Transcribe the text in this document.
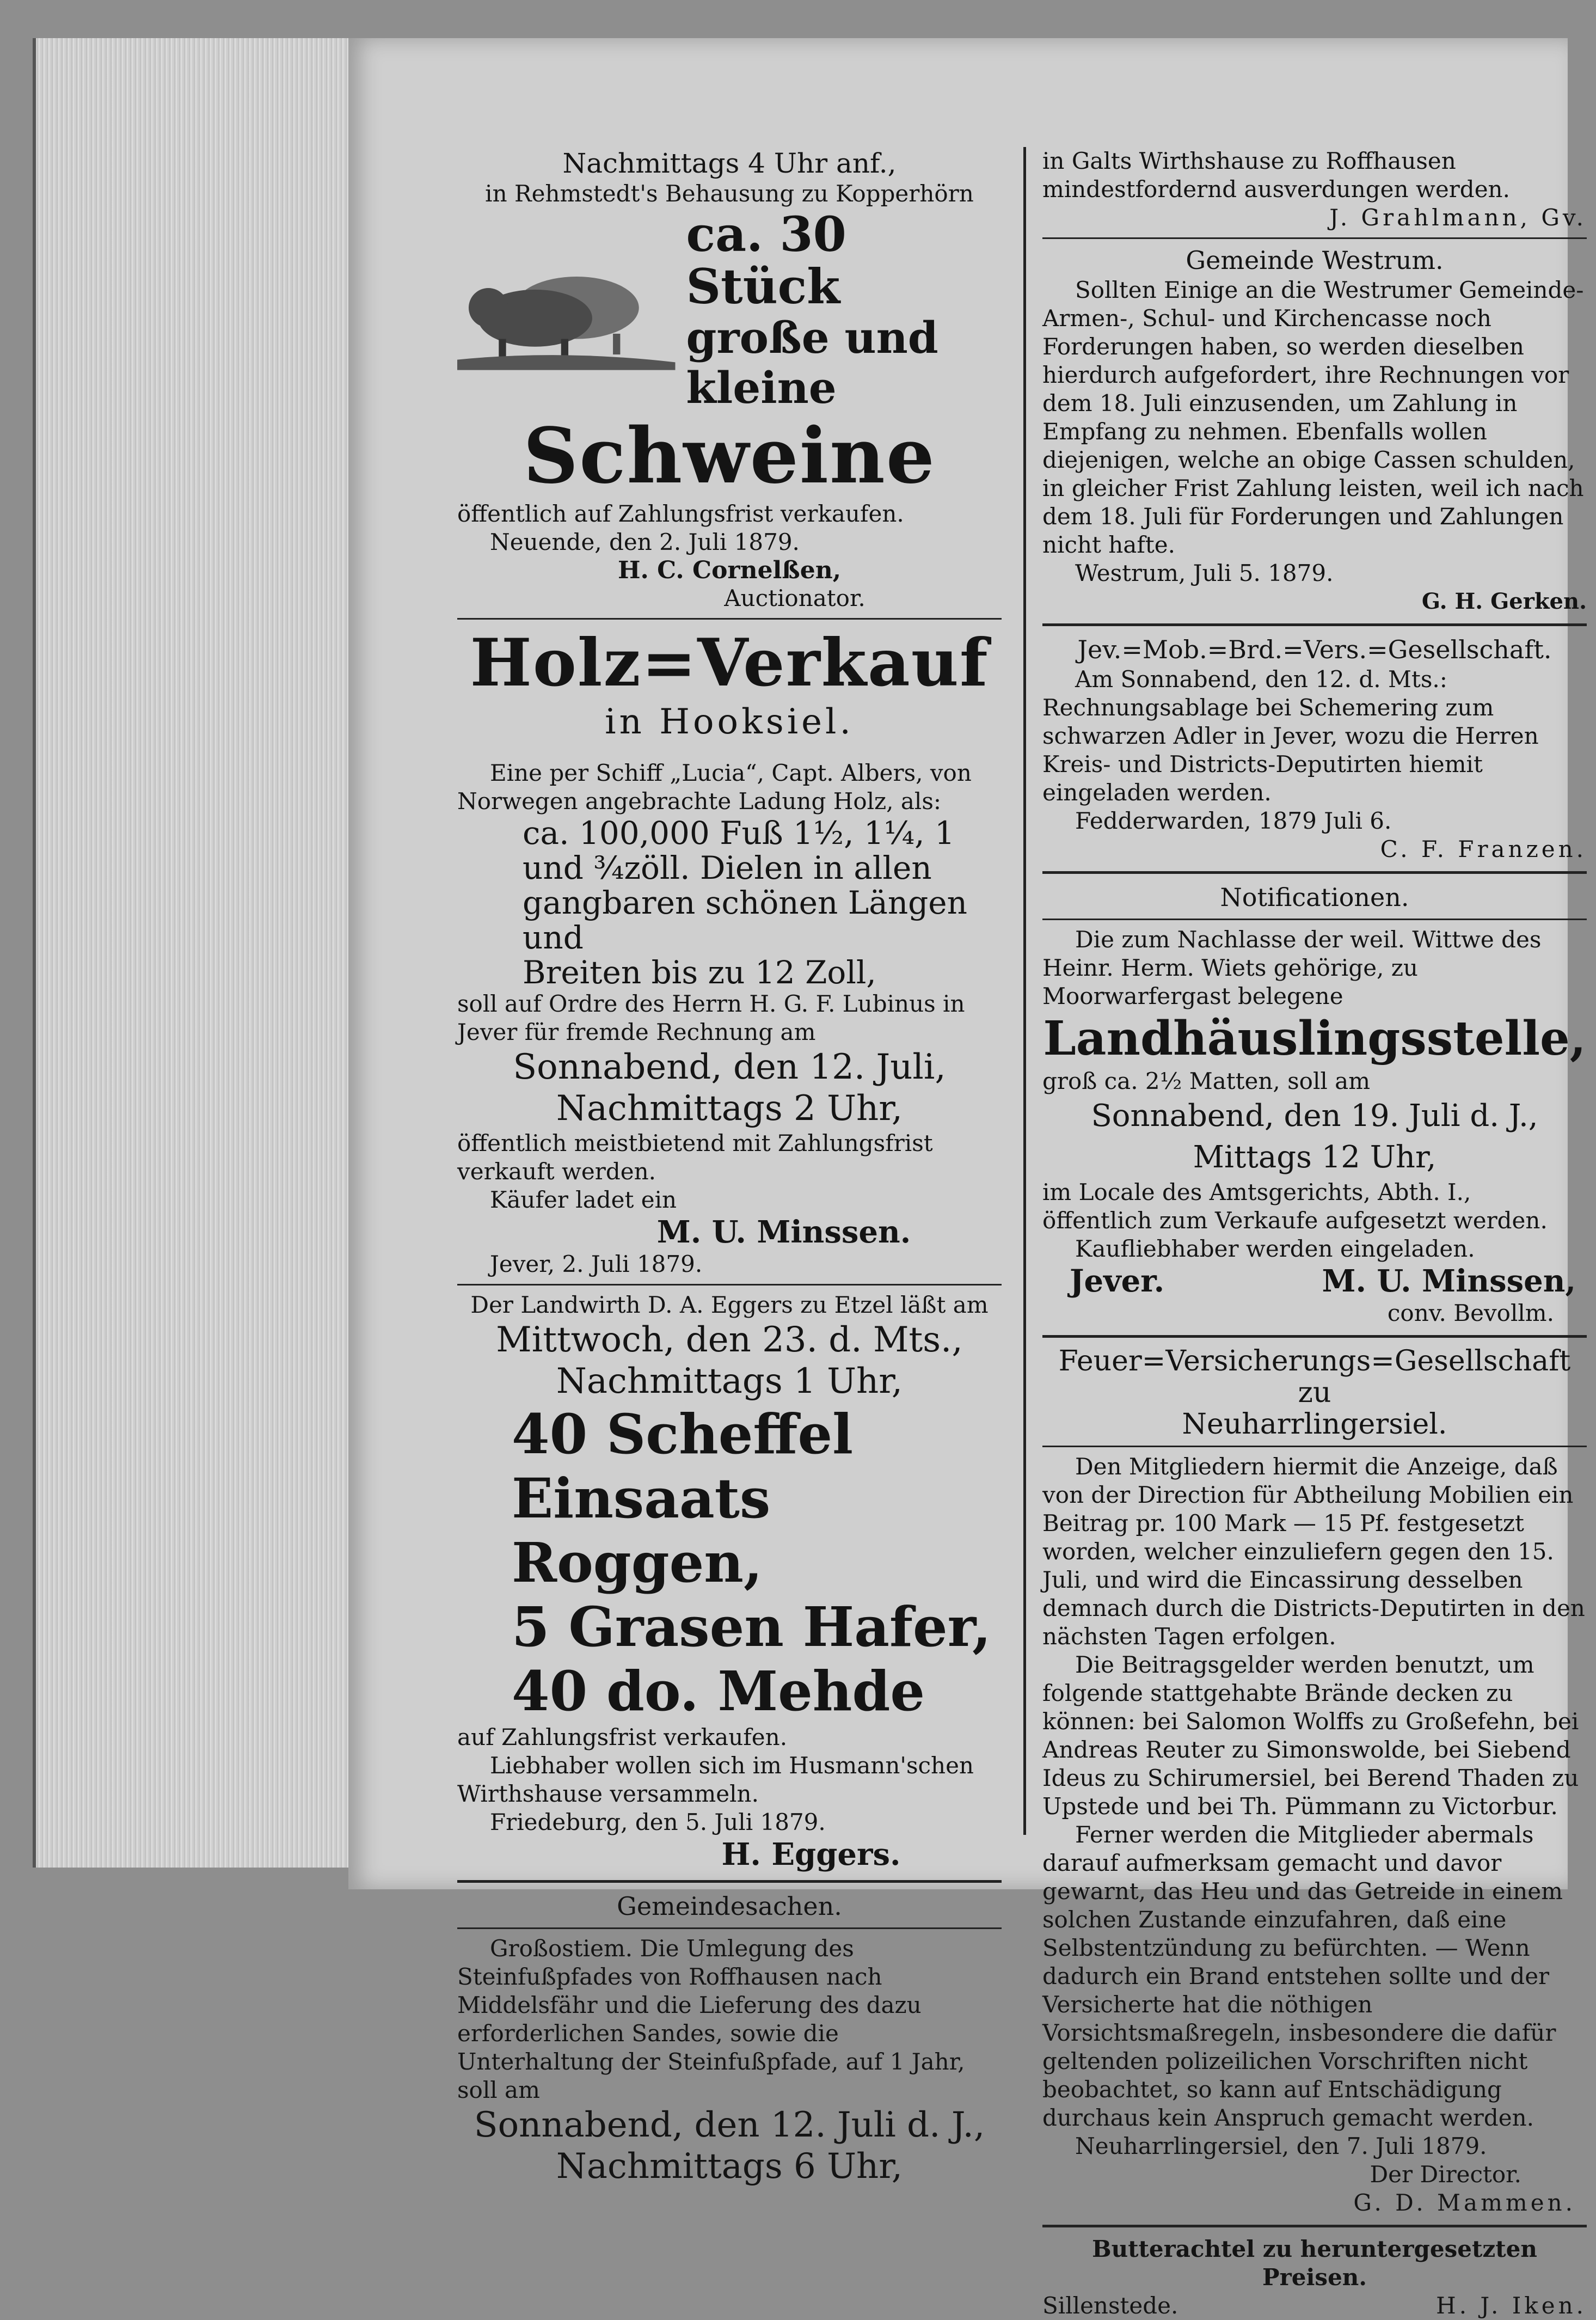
Nachmittags 4 Uhr anf.,
in Rehmstedt's Behausung zu Kopperhörn
ca. 30 Stück
große und
kleine
Schweine
öffentlich auf Zahlungsfrist verkaufen.
Neuende, den 2. Juli 1879.
H. C. Cornelßen,
Auctionator.
Holz=Verkauf
in Hooksiel.
Eine per Schiff „Lucia“, Capt. Albers, von Norwegen angebrachte Ladung Holz, als:
ca. 100,000 Fuß 1½, 1¼, 1
und ¾zöll. Dielen in allen
gangbaren schönen Längen und
Breiten bis zu 12 Zoll,
soll auf Ordre des Herrn H. G. F. Lubinus in Jever für fremde Rechnung am
Sonnabend, den 12. Juli,
Nachmittags 2 Uhr,
öffentlich meistbietend mit Zahlungsfrist verkauft werden.
Käufer ladet ein
M. U. Minssen.
Jever, 2. Juli 1879.
Der Landwirth D. A. Eggers zu Etzel läßt am
Mittwoch, den 23. d. Mts.,
Nachmittags 1 Uhr,
40 Scheffel Einsaats
Roggen,
5 Grasen Hafer,
40 do. Mehde
auf Zahlungsfrist verkaufen.
Liebhaber wollen sich im Husmann'schen Wirthshause versammeln.
Friedeburg, den 5. Juli 1879.
H. Eggers.
Gemeindesachen.
Großostiem. Die Umlegung des Steinfußpfades von Roffhausen nach Middelsfähr und die Lieferung des dazu erforderlichen Sandes, sowie die Unterhaltung der Steinfußpfade, auf 1 Jahr, soll am
Sonnabend, den 12. Juli d. J.,
Nachmittags 6 Uhr,
in Galts Wirthshause zu Roffhausen mindestfordernd ausverdungen werden.
J. Grahlmann, Gv.
Gemeinde Westrum.
Sollten Einige an die Westrumer Gemeinde-Armen-, Schul- und Kirchencasse noch Forderungen haben, so werden dieselben hierdurch aufgefordert, ihre Rechnungen vor dem 18. Juli einzusenden, um Zahlung in Empfang zu nehmen. Ebenfalls wollen diejenigen, welche an obige Cassen schulden, in gleicher Frist Zahlung leisten, weil ich nach dem 18. Juli für Forderungen und Zahlungen nicht hafte.
Westrum, Juli 5. 1879.
G. H. Gerken.
Jev.=Mob.=Brd.=Vers.=Gesellschaft.
Am Sonnabend, den 12. d. Mts.: Rechnungsablage bei Schemering zum schwarzen Adler in Jever, wozu die Herren Kreis- und Districts-Deputirten hiemit eingeladen werden.
Fedderwarden, 1879 Juli 6.
C. F. Franzen.
Notificationen.
Die zum Nachlasse der weil. Wittwe des Heinr. Herm. Wiets gehörige, zu Moorwarfergast belegene
Landhäuslingsstelle,
groß ca. 2½ Matten, soll am
Sonnabend, den 19. Juli d. J.,
Mittags 12 Uhr,
im Locale des Amtsgerichts, Abth. I., öffentlich zum Verkaufe aufgesetzt werden.
Kaufliebhaber werden eingeladen.
Jever.	M. U. Minssen,
conv. Bevollm.
Feuer=Versicherungs=Gesellschaft zu
Neuharrlingersiel.
Den Mitgliedern hiermit die Anzeige, daß von der Direction für Abtheilung Mobilien ein Beitrag pr. 100 Mark — 15 Pf. festgesetzt worden, welcher einzuliefern gegen den 15. Juli, und wird die Eincassirung desselben demnach durch die Districts-Deputirten in den nächsten Tagen erfolgen.
Die Beitragsgelder werden benutzt, um folgende stattgehabte Brände decken zu können: bei Salomon Wolffs zu Großefehn, bei Andreas Reuter zu Simonswolde, bei Siebend Ideus zu Schirumersiel, bei Berend Thaden zu Upstede und bei Th. Pümmann zu Victorbur.
Ferner werden die Mitglieder abermals darauf aufmerksam gemacht und davor gewarnt, das Heu und das Getreide in einem solchen Zustande einzufahren, daß eine Selbstentzündung zu befürchten. — Wenn dadurch ein Brand entstehen sollte und der Versicherte hat die nöthigen Vorsichtsmaßregeln, insbesondere die dafür geltenden polizeilichen Vorschriften nicht beobachtet, so kann auf Entschädigung durchaus kein Anspruch gemacht werden.
Neuharrlingersiel, den 7. Juli 1879.
Der Director.
G. D. Mammen.
Butterachtel zu heruntergesetzten Preisen.
Sillenstede.	H. J. Iken.
